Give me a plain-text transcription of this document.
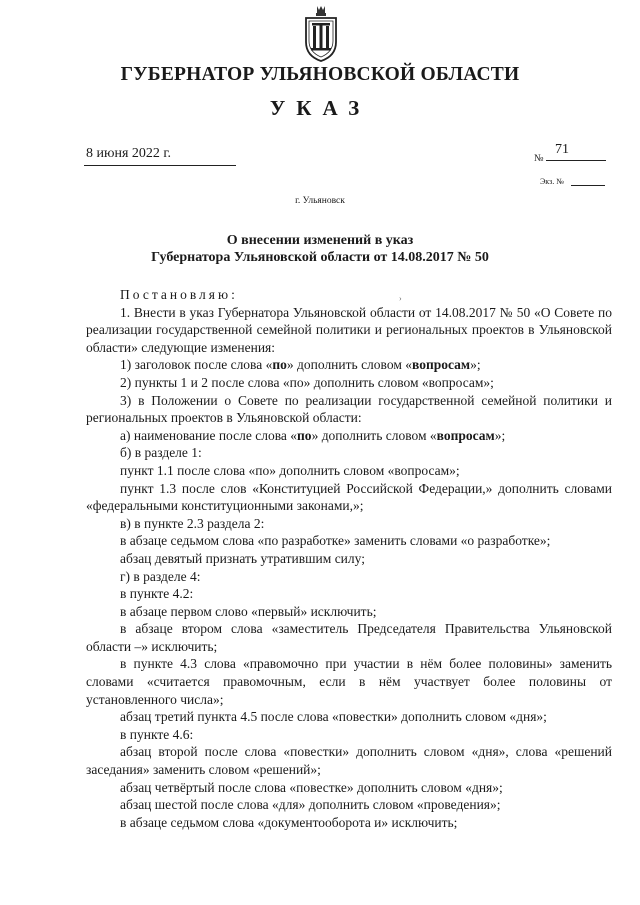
ГУБЕРНАТОР УЛЬЯНОВСКОЙ ОБЛАСТИ
УКАЗ
8 июня 2022 г.	№
71
Экз. №
г. Ульяновск
О внесении изменений в указ
Губернатора Ульяновской области от 14.08.2017 № 50
›

Постановляю:

1. Внести в указ Губернатора Ульяновской области от 14.08.2017 № 50 «О Совете по реализации государственной семейной политики и региональных проектов в Ульяновской области» следующие изменения:

1) заголовок после слова «по» дополнить словом «вопросам»;

2) пункты 1 и 2 после слова «по» дополнить словом «вопросам»;

3) в Положении о Совете по реализации государственной семейной политики и региональных проектов в Ульяновской области:

а) наименование после слова «по» дополнить словом «вопросам»;

б) в разделе 1:

пункт 1.1 после слова «по» дополнить словом «вопросам»;

пункт 1.3 после слов «Конституцией Российской Федерации,» дополнить словами «федеральными конституционными законами,»;

в) в пункте 2.3 раздела 2:

в абзаце седьмом слова «по разработке» заменить словами «о разработке»;

абзац девятый признать утратившим силу;

г) в разделе 4:

в пункте 4.2:

в абзаце первом слово «первый» исключить;

в абзаце втором слова «заместитель Председателя Правительства Ульяновской области –» исключить;

в пункте 4.3 слова «правомочно при участии в нём более половины» заменить словами «считается правомочным, если в нём участвует более половины от установленного числа»;

абзац третий пункта 4.5 после слова «повестки» дополнить словом «дня»;

в пункте 4.6:

абзац второй после слова «повестки» дополнить словом «дня», слова «решений заседания» заменить словом «решений»;

абзац четвёртый после слова «повестке» дополнить словом «дня»;

абзац шестой после слова «для» дополнить словом «проведения»;

в абзаце седьмом слова «документооборота и» исключить;
